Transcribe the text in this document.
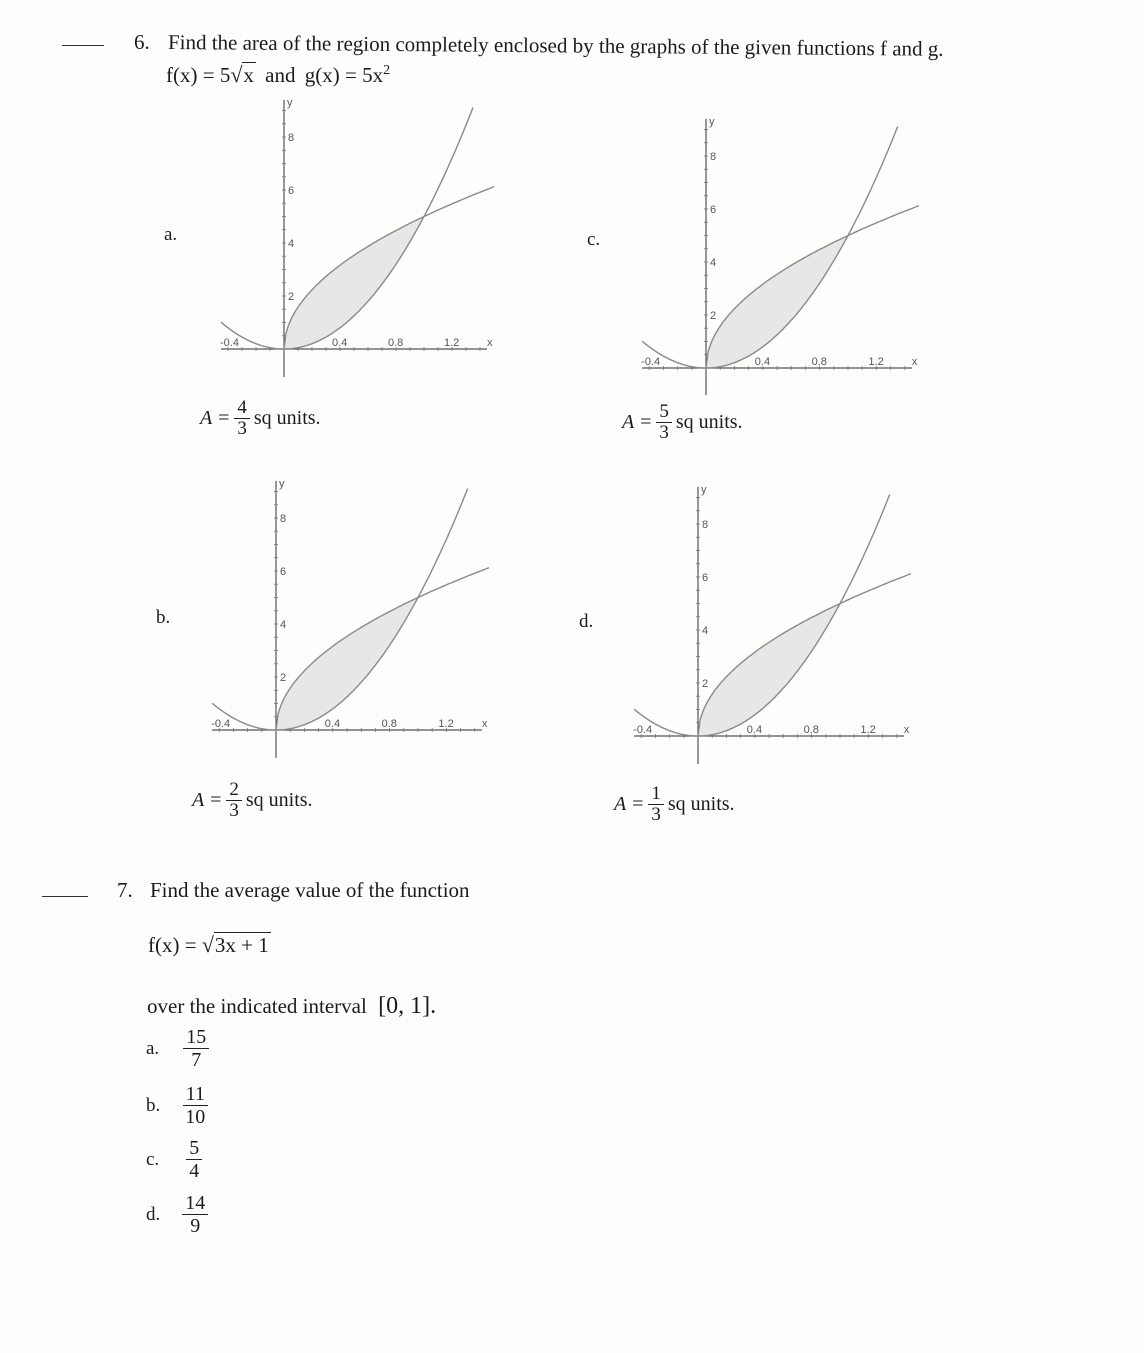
6. Find the area of the region completely enclosed by the graphs of the given functions f and g.
f(x) = 5√x and $g(x) = 5x^2$
a.	c.
b.	d.
2
4
6
8
-0.4	0.4	0.8	1.2
y
x
2
4
6
8
-0.4	0.4	0.8	1.2
y
x
2
4
6
8
-0.4	0.4	0.8	1.2
y
x
2
4
6
8
-0.4	0.4	0.8	1.2
y
x
$A = \frac{4}{3}$ sq units.	$A = \frac{5}{3}$ sq units.
$A = \frac{2}{3}$ sq units.	$A = \frac{1}{3}$ sq units.
7. Find the average value of the function
f(x) = √3x + 1
over the indicated interval [0, 1].
a. $\frac{15}{7}$
b. $\frac{11}{10}$
c. $\frac{5}{4}$
d. $\frac{14}{9}$
